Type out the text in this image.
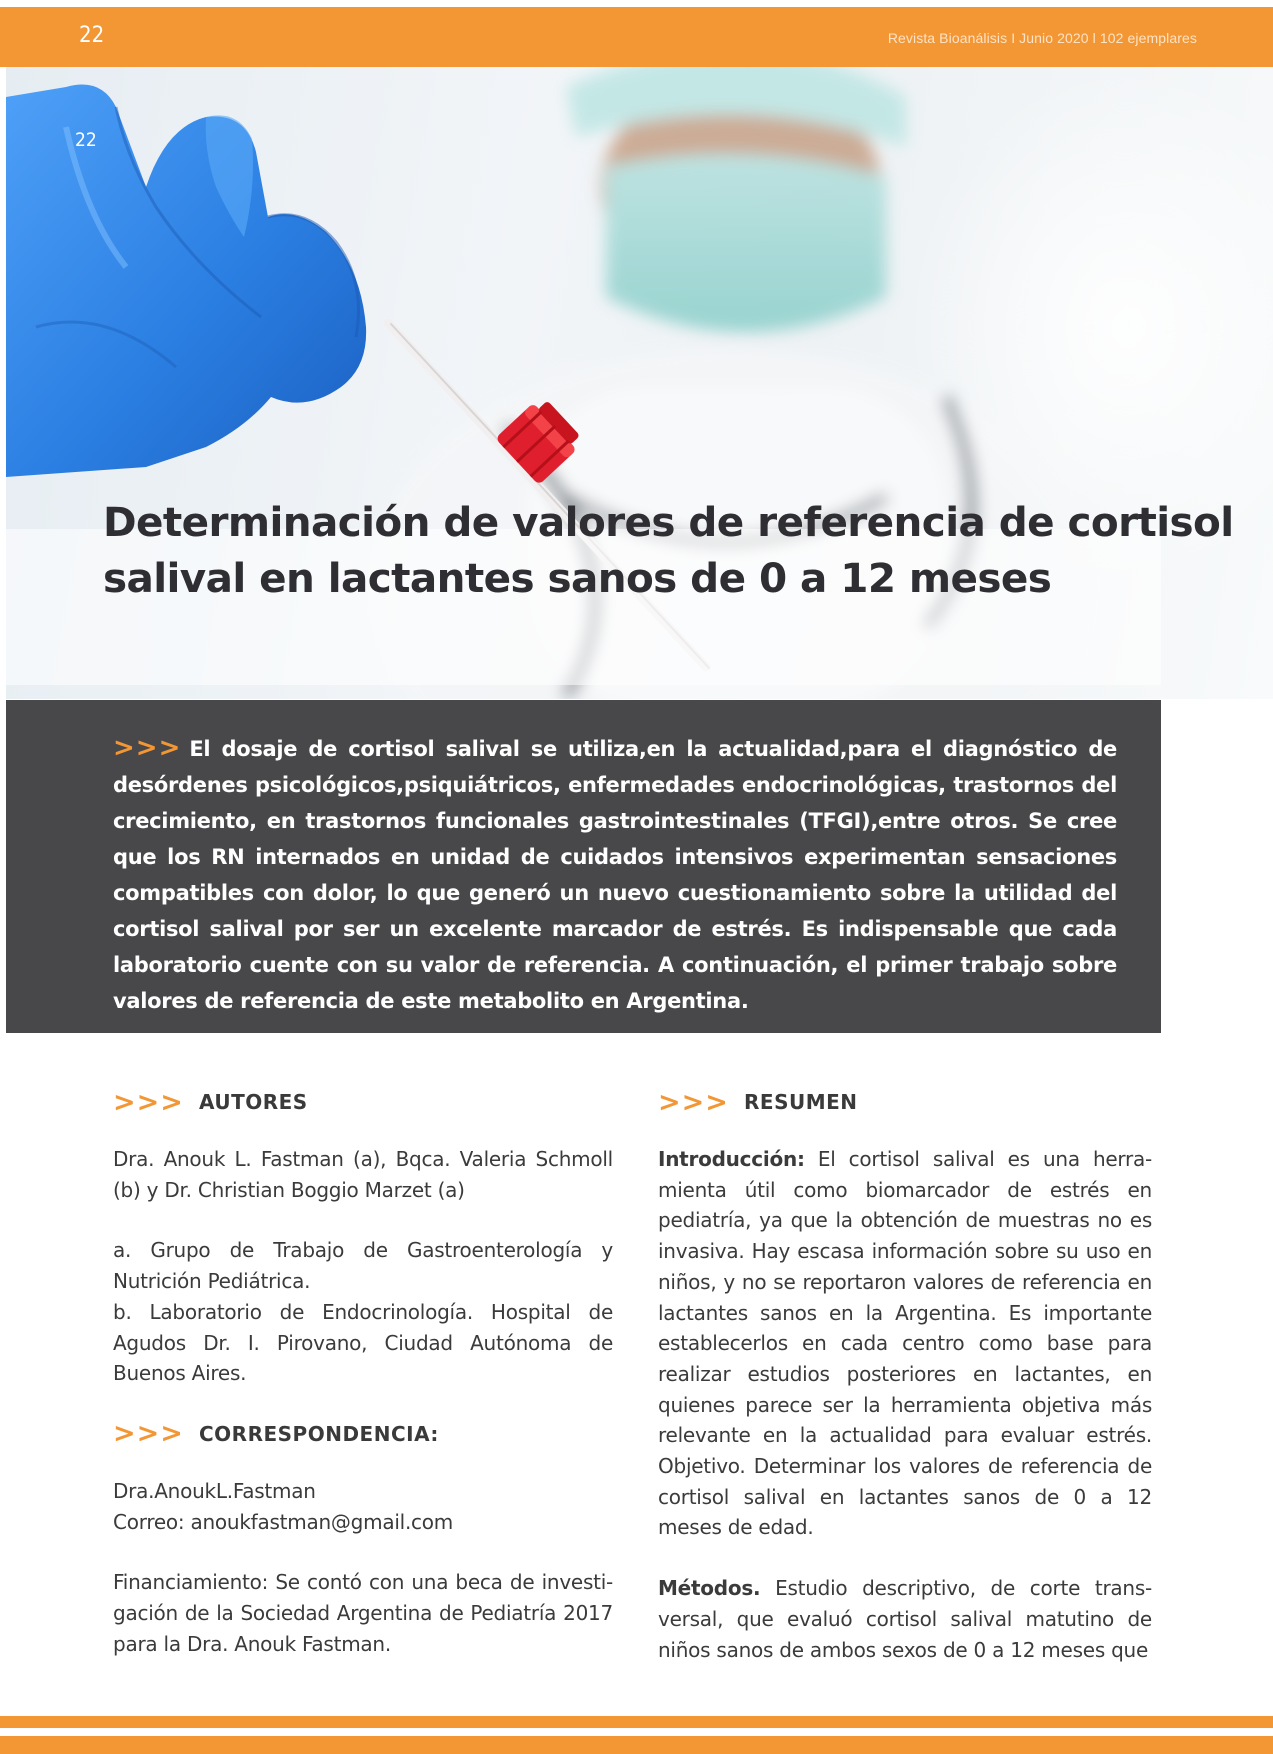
22	Revista Bioanálisis I Junio 2020 l 102 ejemplares
22
Determinación de valores de referencia de cortisol
salival en lactantes sanos de 0 a 12 meses

>>> El dosaje de cortisol salival se utiliza,en la actualidad,para el diagnóstico de desórdenes psicológicos,psiquiátricos, enfermedades endocrinológicas, trastornos del crecimiento, en trastornos funcionales gastrointestinales (TFGI),entre otros. Se cree que los RN internados en unidad de cuidados intensivos experimentan sensaciones compatibles con dolor, lo que generó un nuevo cuestionamiento sobre la utilidad del cortisol salival por ser un excelente marcador de estrés. Es indispensable que cada laboratorio cuente con su valor de referencia. A continuación, el primer trabajo sobre valores de referencia de este metabolito en Argentina.

>>> AUTORES

Dra. Anouk L. Fastman (a), Bqca. Valeria Schmoll (b) y Dr. Christian Boggio Marzet (a)

a. Grupo de Trabajo de Gastroenterología y Nutrición Pediátrica.

b. Laboratorio de Endocrinología. Hospital de Agudos Dr. I. Pirovano, Ciudad Autónoma de Buenos Aires.

>>> CORRESPONDENCIA:

Dra.AnoukL.Fastman

Correo: anoukfastman@gmail.com

Financiamiento: Se contó con una beca de investi-gación de la Sociedad Argentina de Pediatría 2017 para la Dra. Anouk Fastman.

>>> RESUMEN

Introducción: El cortisol salival es una herra-mienta útil como biomarcador de estrés en pediatría, ya que la obtención de muestras no es invasiva. Hay escasa información sobre su uso en niños, y no se reportaron valores de referencia en lactantes sanos en la Argentina. Es importante establecerlos en cada centro como base para realizar estudios posteriores en lactantes, en quienes parece ser la herramienta objetiva más relevante en la actualidad para evaluar estrés. Objetivo. Determinar los valores de referencia de cortisol salival en lactantes sanos de 0 a 12 meses de edad.

Métodos. Estudio descriptivo, de corte trans-versal, que evaluó cortisol salival matutino de niños sanos de ambos sexos de 0 a 12 meses que
